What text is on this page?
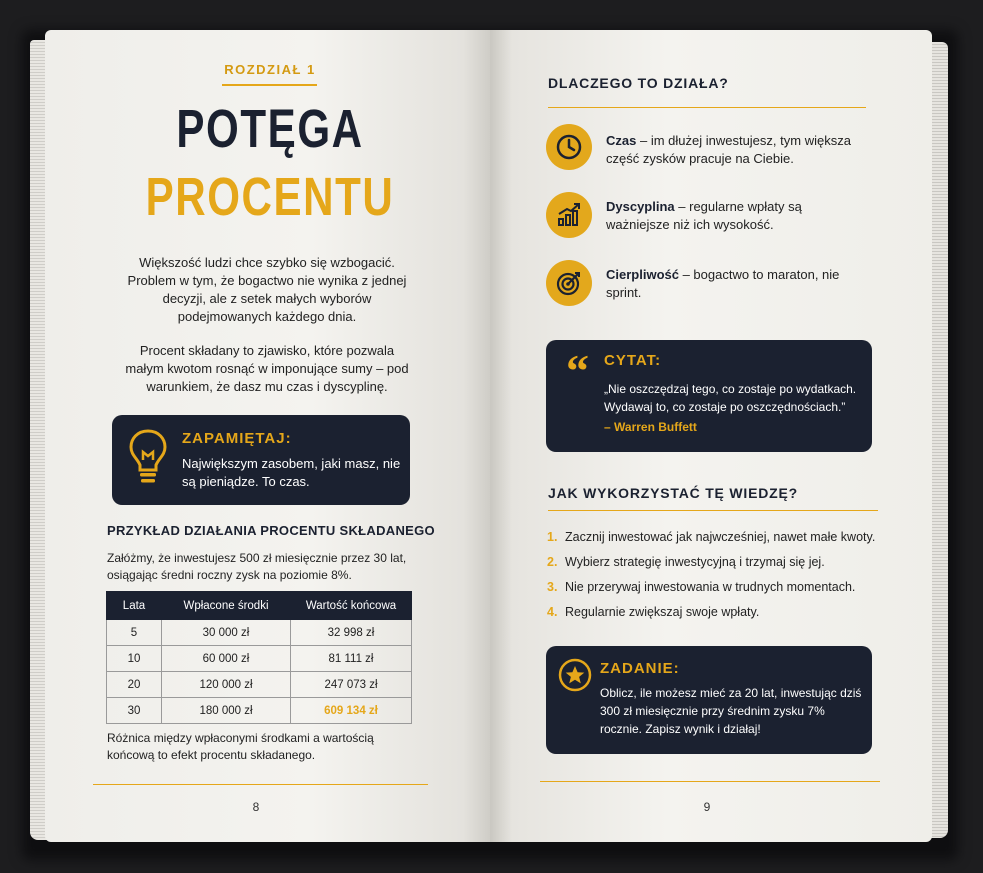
ROZDZIAŁ 1
POTĘGA
PROCENTU
Większość ludzi chce szybko się wzbogacić. Problem w tym, że bogactwo nie wynika z jednej decyzji, ale z setek małych wyborów podejmowanych każdego dnia.
Procent składany to zjawisko, które pozwala małym kwotom rosnąć w imponujące sumy – pod warunkiem, że dasz mu czas i dyscyplinę.
ZAPAMIĘTAJ:
Największym zasobem, jaki masz, nie są pieniądze. To czas.
PRZYKŁAD DZIAŁANIA PROCENTU SKŁADANEGO
Załóżmy, że inwestujesz 500 zł miesięcznie przez 30 lat, osiągając średni roczny zysk na poziomie 8%.
Lata	Wpłacone środki	Wartość końcowa
5	30 000 zł	32 998 zł
10	60 000 zł	81 111 zł
20	120 000 zł	247 073 zł
30	180 000 zł	609 134 zł
Różnica między wpłaconymi środkami a wartością końcową to efekt procentu składanego.
8
DLACZEGO TO DZIAŁA?
Czas – im dłużej inwestujesz, tym większa część zysków pracuje na Ciebie.
Dyscyplina – regularne wpłaty są ważniejsze niż ich wysokość.
Cierpliwość – bogactwo to maraton, nie sprint.
“ CYTAT:
„Nie oszczędzaj tego, co zostaje po wydatkach. Wydawaj to, co zostaje po oszczędnościach.”
– Warren Buffett
JAK WYKORZYSTAĆ TĘ WIEDZĘ?
1. Zacznij inwestować jak najwcześniej, nawet małe kwoty.
2. Wybierz strategię inwestycyjną i trzymaj się jej.
3. Nie przerywaj inwestowania w trudnych momentach.
4. Regularnie zwiększaj swoje wpłaty.
ZADANIE:
Oblicz, ile możesz mieć za 20 lat, inwestując dziś 300 zł miesięcznie przy średnim zysku 7% rocznie. Zapisz wynik i działaj!
9
